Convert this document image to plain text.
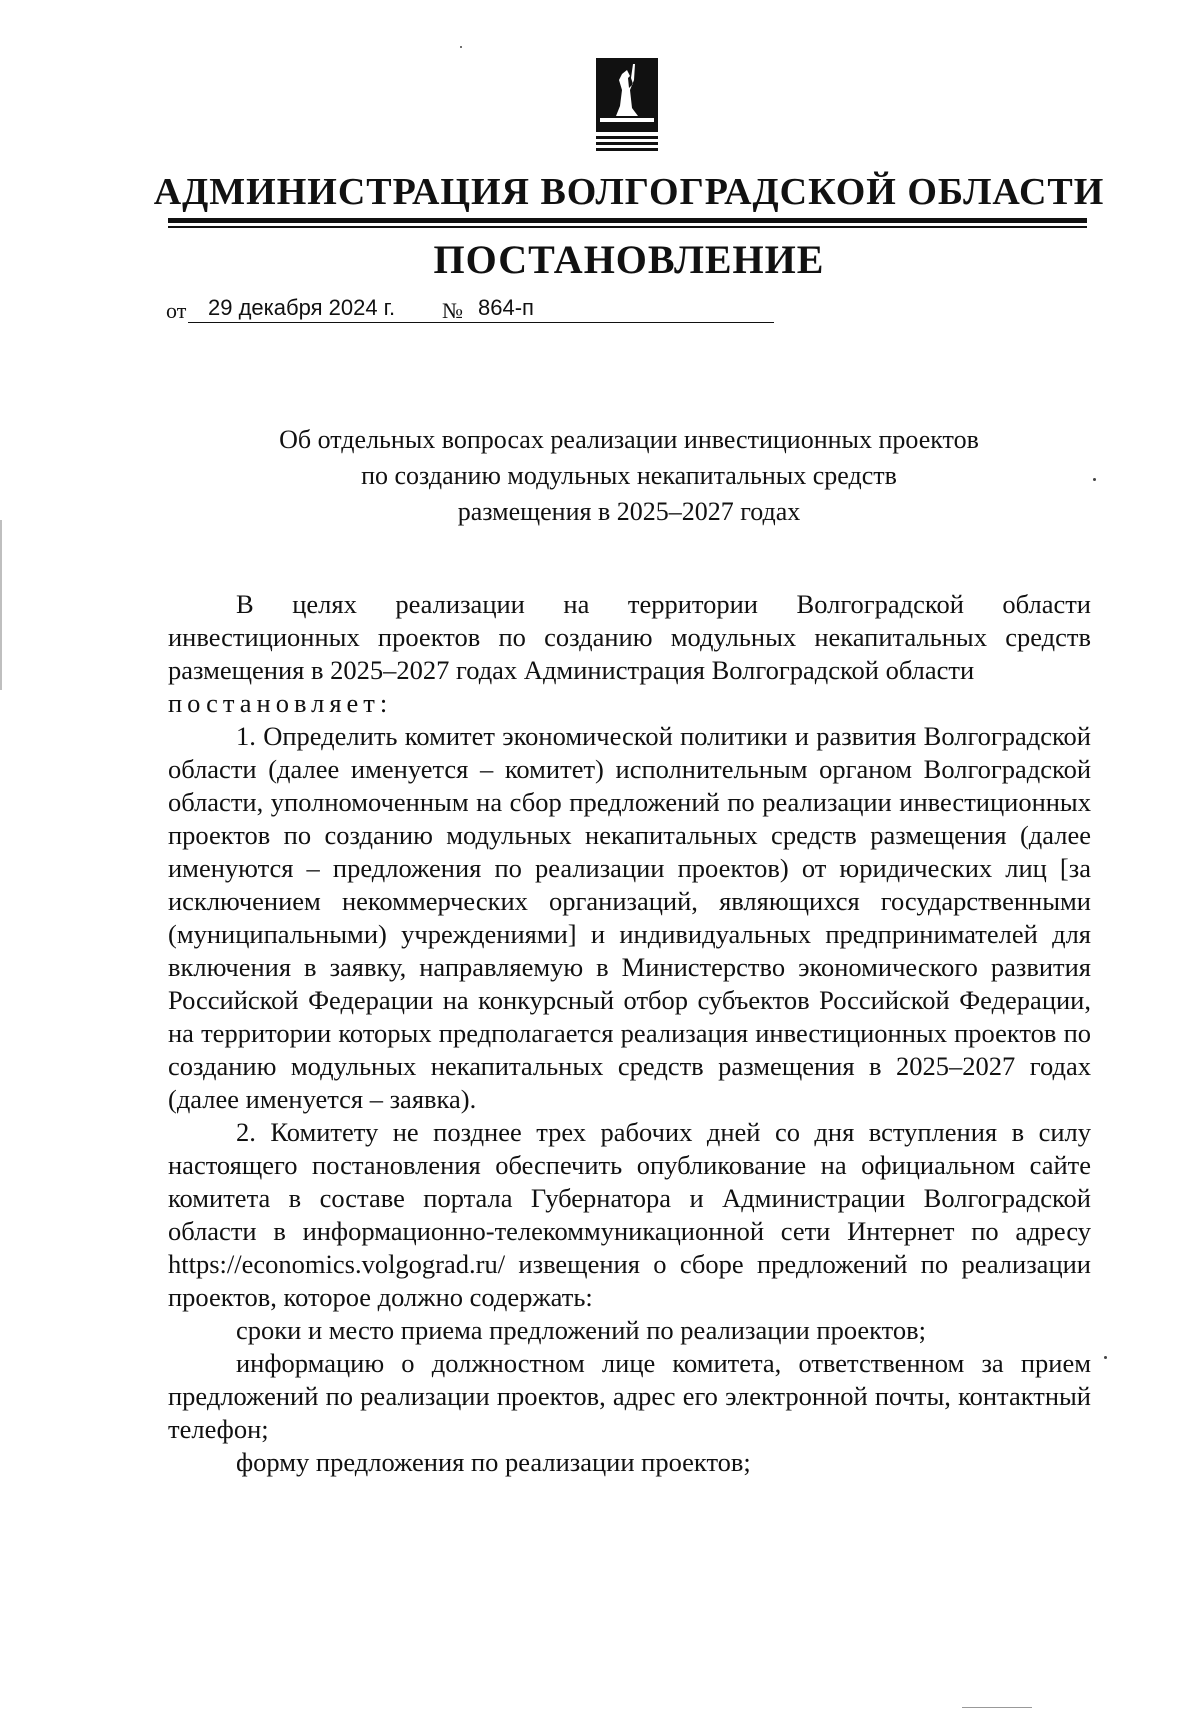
АДМИНИСТРАЦИЯ ВОЛГОГРАДСКОЙ ОБЛАСТИ
ПОСТАНОВЛЕНИЕ
от 29 декабря 2024 г.	№ 864-п
Об отдельных вопросах реализации инвестиционных проектов
по созданию модульных некапитальных средств
размещения в 2025–2027 годах

В целях реализации на территории Волгоградской области инвестиционных проектов по созданию модульных некапитальных средств размещения в 2025–2027 годах Администрация Волгоградской области
постановляет:

1. Определить комитет экономической политики и развития Волгоградской области (далее именуется – комитет) исполнительным органом Волгоградской области, уполномоченным на сбор предложений по реализации инвестиционных проектов по созданию модульных некапитальных средств размещения (далее именуются – предложения по реализации проектов) от юридических лиц [за исключением некоммерческих организаций, являющихся государственными (муниципальными) учреждениями] и индивидуальных предпринимателей для включения в заявку, направляемую в Министерство экономического развития Российской Федерации на конкурсный отбор субъектов Российской Федерации, на территории которых предполагается реализация инвестиционных проектов по созданию модульных некапитальных средств размещения в 2025–2027 годах (далее именуется – заявка).

2. Комитету не позднее трех рабочих дней со дня вступления в силу настоящего постановления обеспечить опубликование на официальном сайте комитета в составе портала Губернатора и Администрации Волгоградской области в информационно-телекоммуникационной сети Интернет по адресу https://economics.volgograd.ru/ извещения о сборе предложений по реализации проектов, которое должно содержать:

сроки и место приема предложений по реализации проектов;

информацию о должностном лице комитета, ответственном за прием предложений по реализации проектов, адрес его электронной почты, контактный телефон;

форму предложения по реализации проектов;
